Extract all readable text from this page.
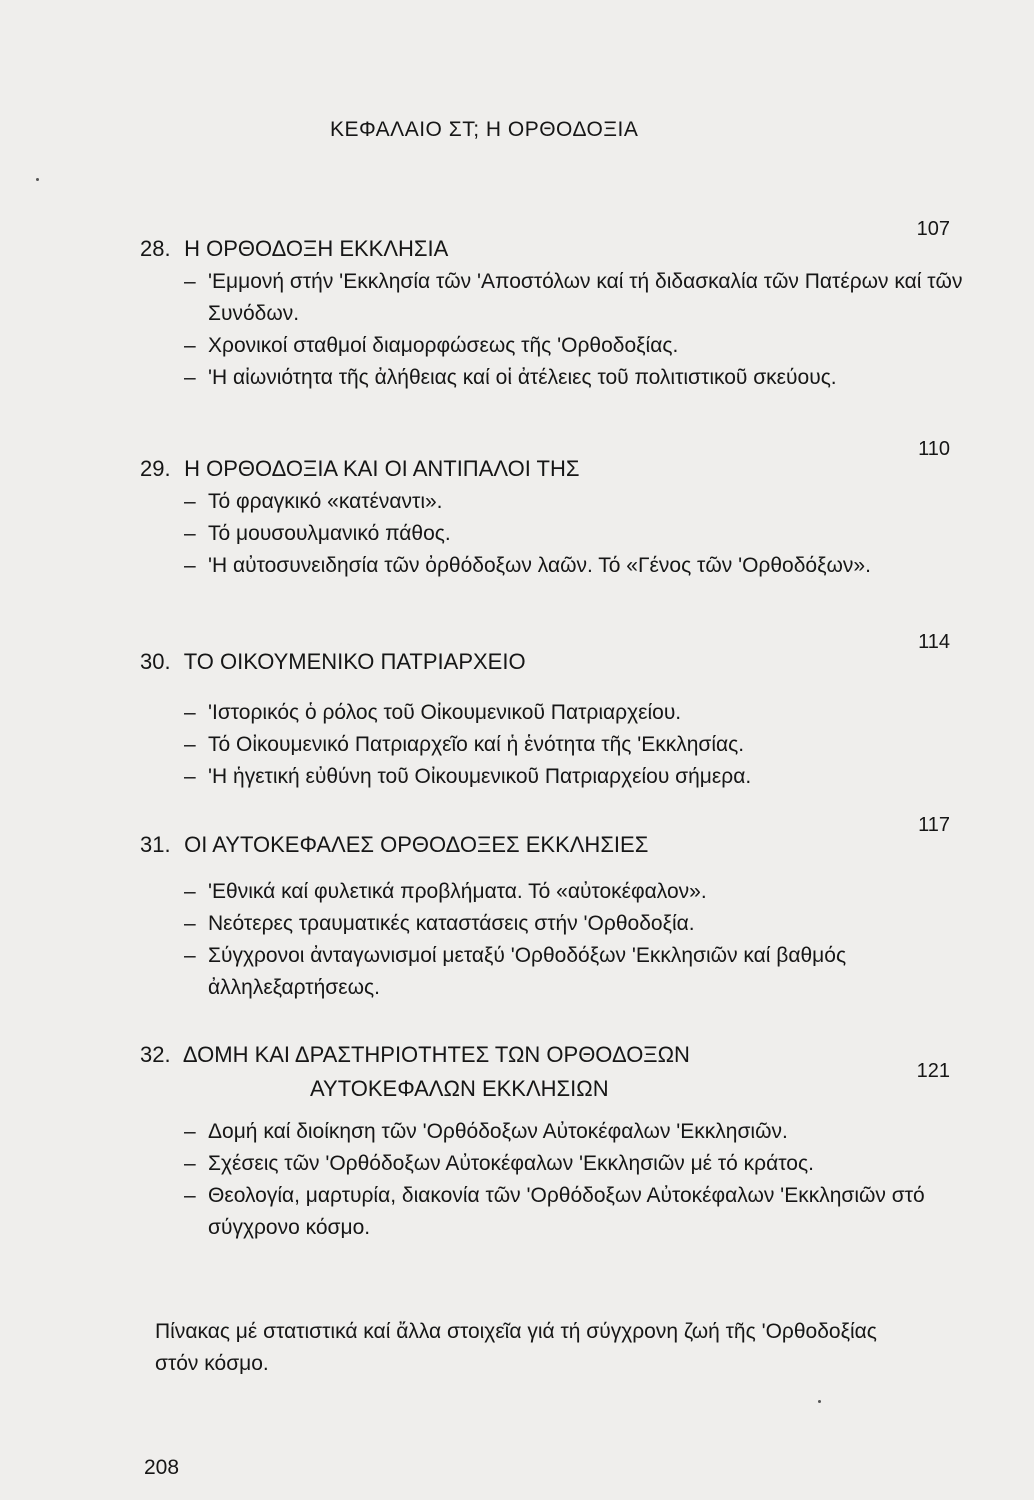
ΚΕΦΑΛΑΙΟ ΣΤ; Η ΟΡΘΟΔΟΞΙΑ
28. Η ΟΡΘΟΔΟΞΗ ΕΚΚΛΗΣΙΑ
107
– 'Εμμονή στήν 'Εκκλησία τῶν 'Αποστόλων καί τή διδασκαλία τῶν Πατέρων καί τῶν Συνόδων.
– Χρονικοί σταθμοί διαμορφώσεως τῆς 'Ορθοδοξίας.
– 'Η αἰωνιότητα τῆς ἀλήθειας καί οἱ ἀτέλειες τοῦ πολιτιστικοῦ σκεύους.
29. Η ΟΡΘΟΔΟΞΙΑ ΚΑΙ ΟΙ ΑΝΤΙΠΑΛΟΙ ΤΗΣ
110
– Τό φραγκικό «κατέναντι».
– Τό μουσουλμανικό πάθος.
– 'Η αὐτοσυνειδησία τῶν ὀρθόδοξων λαῶν. Τό «Γένος τῶν 'Ορθοδόξων».
30. ΤΟ ΟΙΚΟΥΜΕΝΙΚΟ ΠΑΤΡΙΑΡΧΕΙΟ
114
– 'Ιστορικός ὁ ρόλος τοῦ Οἰκουμενικοῦ Πατριαρχείου.
– Τό Οἰκουμενικό Πατριαρχεῖο καί ἡ ἑνότητα τῆς 'Εκκλησίας.
– 'Η ἡγετική εὐθύνη τοῦ Οἰκουμενικοῦ Πατριαρχείου σήμερα.
31. ΟΙ ΑΥΤΟΚΕΦΑΛΕΣ ΟΡΘΟΔΟΞΕΣ ΕΚΚΛΗΣΙΕΣ
117
– 'Εθνικά καί φυλετικά προβλήματα. Τό «αὐτοκέφαλον».
– Νεότερες τραυματικές καταστάσεις στήν 'Ορθοδοξία.
– Σύγχρονοι ἀνταγωνισμοί μεταξύ 'Ορθοδόξων 'Εκκλησιῶν καί βαθμός ἀλληλεξαρτήσεως.
32. ΔΟΜΗ ΚΑΙ ΔΡΑΣΤΗΡΙΟΤΗΤΕΣ ΤΩΝ ΟΡΘΟΔΟΞΩΝ
ΑΥΤΟΚΕΦΑΛΩΝ ΕΚΚΛΗΣΙΩΝ
121
– Δομή καί διοίκηση τῶν 'Ορθόδοξων Αὐτοκέφαλων 'Εκκλησιῶν.
– Σχέσεις τῶν 'Ορθόδοξων Αὐτοκέφαλων 'Εκκλησιῶν μέ τό κράτος.
– Θεολογία, μαρτυρία, διακονία τῶν 'Ορθόδοξων Αὐτοκέφαλων 'Εκκλησιῶν στό σύγχρονο κόσμο.
Πίνακας μέ στατιστικά καί ἄλλα στοιχεῖα γιά τή σύγχρονη ζωή τῆς 'Ορθοδοξίας στόν κόσμο.
208
